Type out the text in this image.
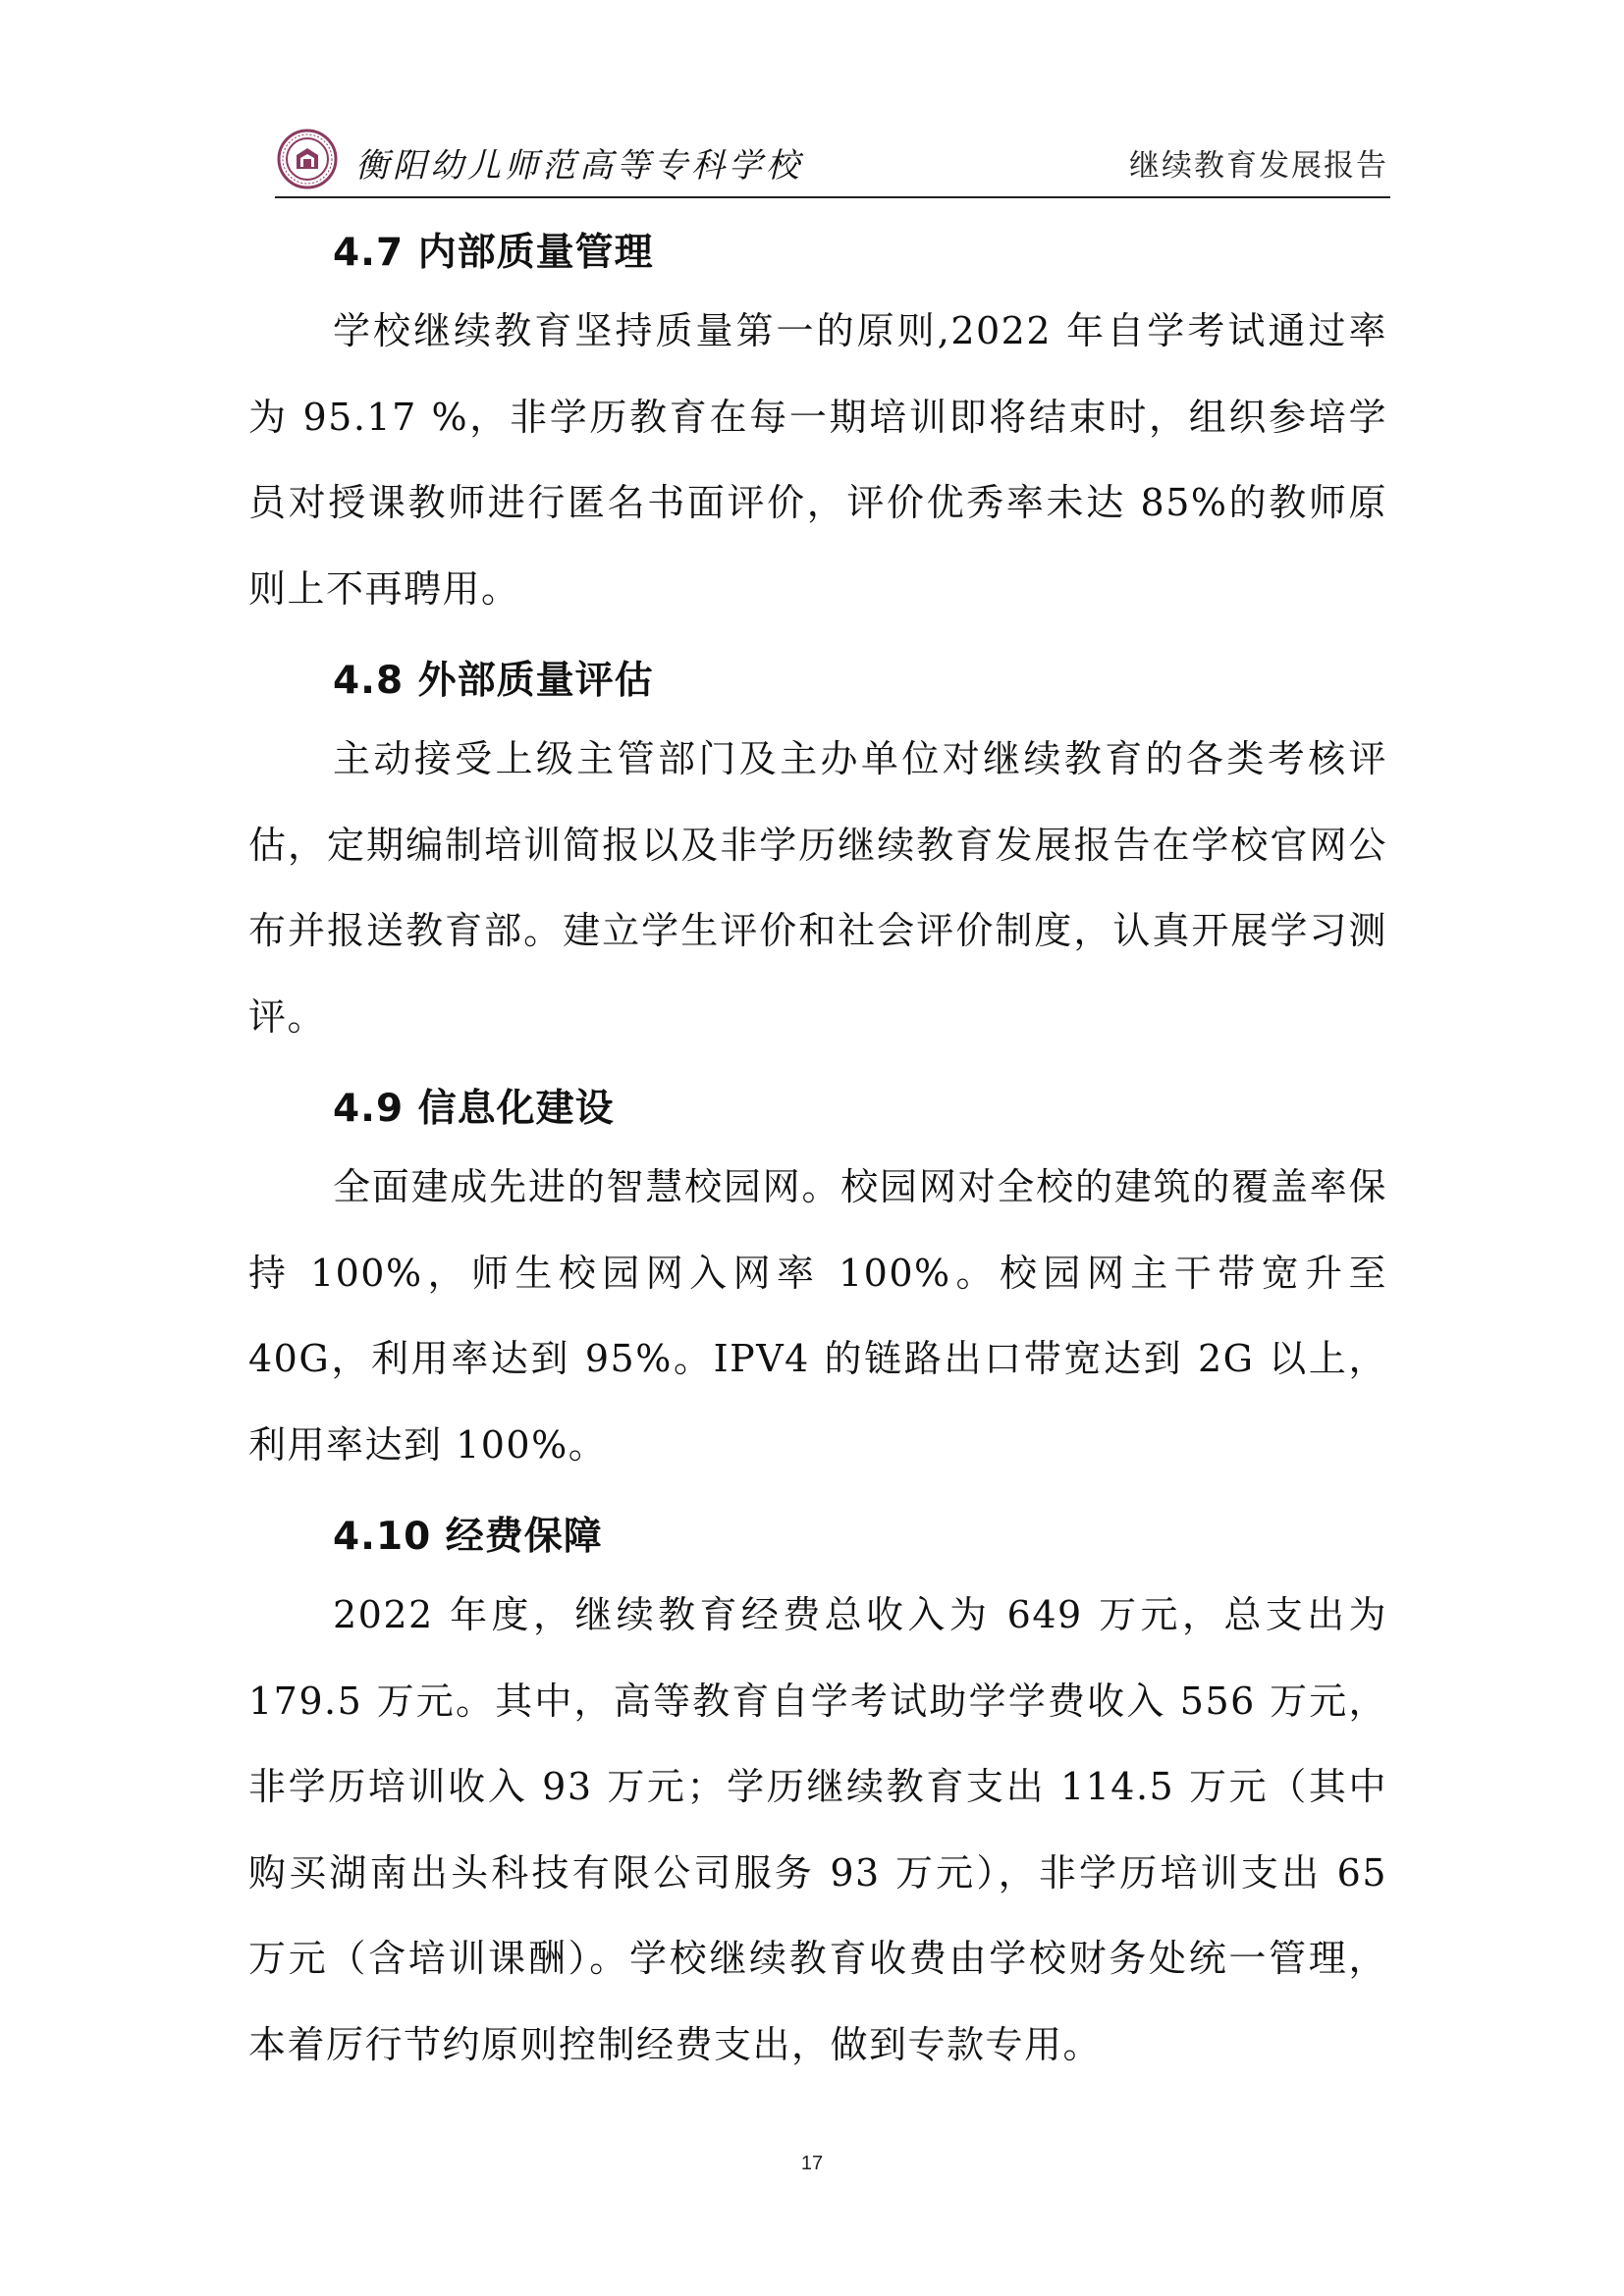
衡阳幼儿师范高等专科学校	继续教育发展报告
4.7 内部质量管理

学校继续教育坚持质量第一的原则,2022 年自学考试通过率为 95.17 %，非学历教育在每一期培训即将结束时，组织参培学员对授课教师进行匿名书面评价，评价优秀率未达 85%的教师原则上不再聘用。

4.8 外部质量评估

主动接受上级主管部门及主办单位对继续教育的各类考核评估，定期编制培训简报以及非学历继续教育发展报告在学校官网公布并报送教育部。建立学生评价和社会评价制度，认真开展学习测评。

4.9 信息化建设

全面建成先进的智慧校园网。校园网对全校的建筑的覆盖率保持 100%，师生校园网入网率 100%。校园网主干带宽升至 40G，利用率达到 95%。IPV4 的链路出口带宽达到 2G 以上，利用率达到 100%。

4.10 经费保障

2022 年度，继续教育经费总收入为 649 万元，总支出为 179.5 万元。其中，高等教育自学考试助学学费收入 556 万元，非学历培训收入 93 万元；学历继续教育支出 114.5 万元（其中购买湖南出头科技有限公司服务 93 万元），非学历培训支出 65 万元（含培训课酬）。学校继续教育收费由学校财务处统一管理，本着厉行节约原则控制经费支出，做到专款专用。

17
